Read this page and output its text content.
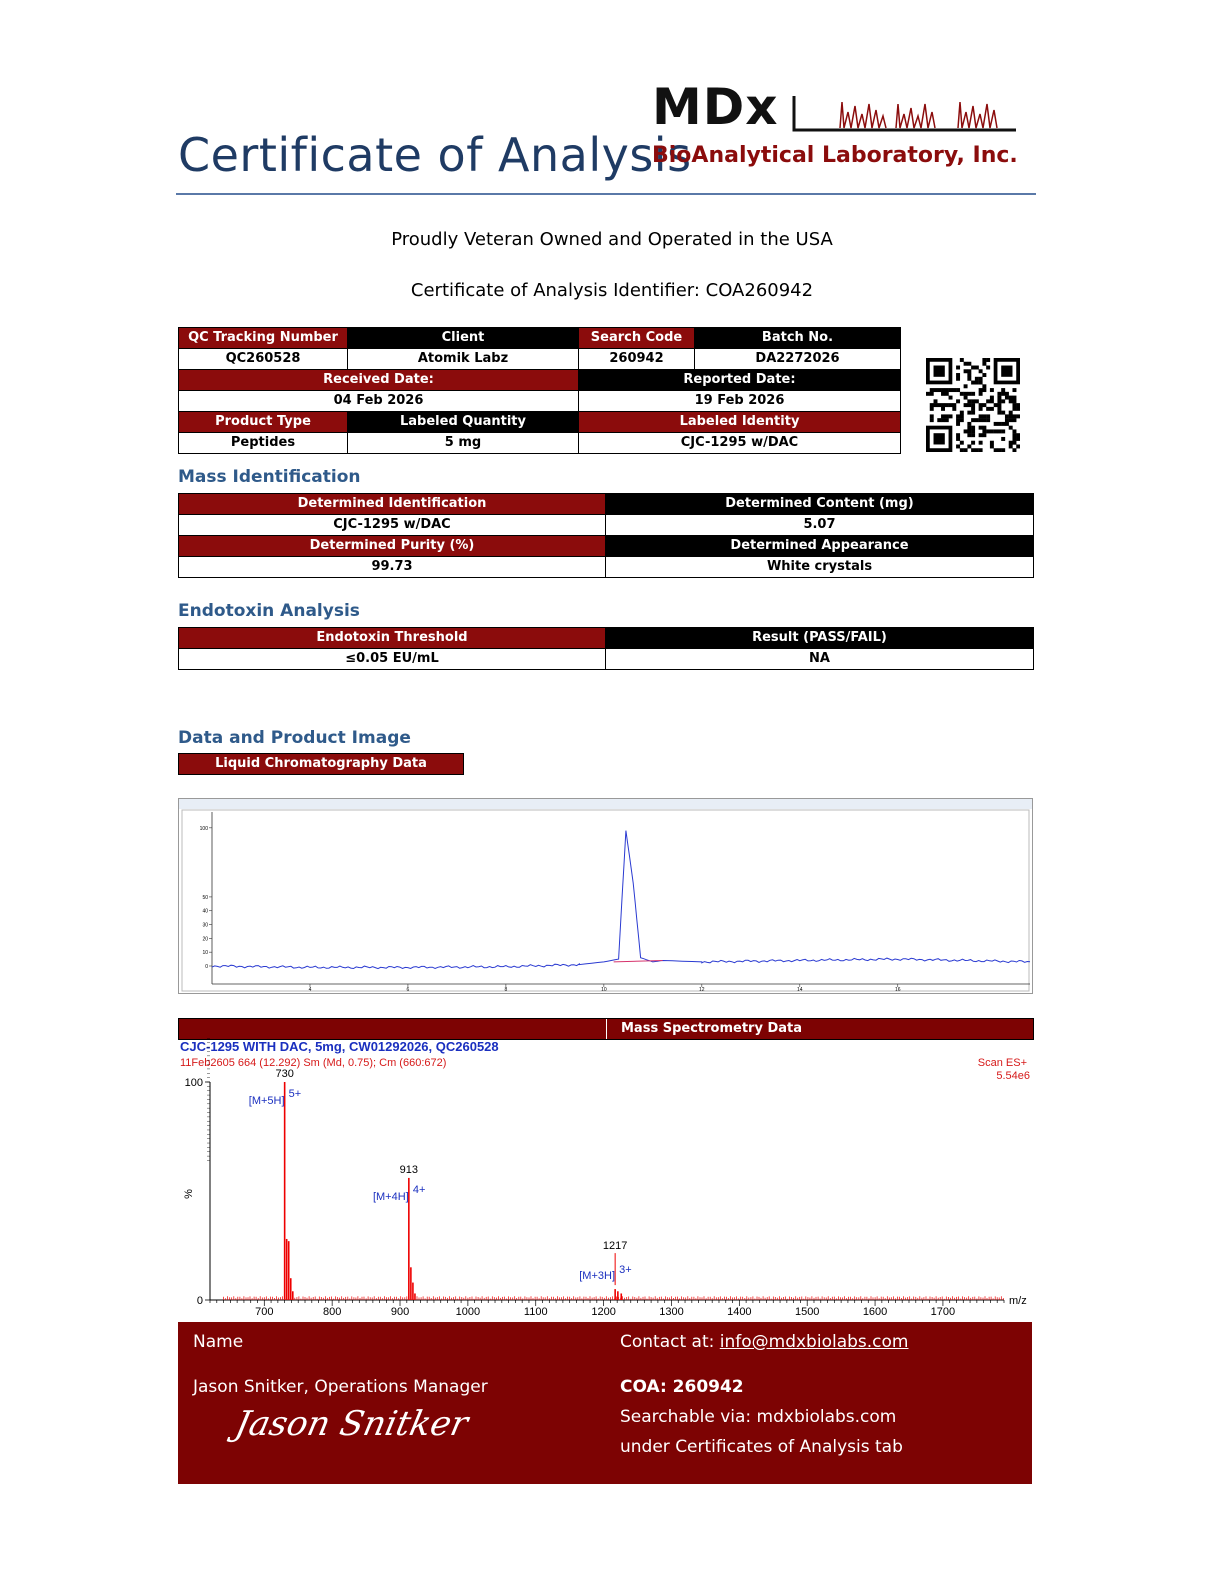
Certificate of Analysis
MDx
BioAnalytical Laboratory, Inc.
Proudly Veteran Owned and Operated in the USA
Certificate of Analysis Identifier: COA260942
QC Tracking Number	Client	Search Code	Batch No.
QC260528	Atomik Labz	260942	DA2272026
Received Date:		Reported Date:	
04 Feb 2026		19 Feb 2026	
Product Type	Labeled Quantity	Labeled Identity	
Peptides	5 mg	CJC-1295 w/DAC	
Mass Identification
Determined Identification	Determined Content (mg)
CJC-1295 w/DAC	5.07
Determined Purity (%)	Determined Appearance
99.73	White crystals
Endotoxin Analysis
Endotoxin Threshold	Result (PASS/FAIL)
≤0.05 EU/mL	NA
Data and Product Image
Liquid Chromatography Data
4	6	8	10	12	14	16
0
10
20
30
40
50
100
Mass Spectrometry Data
CJC-1295 WITH DAC, 5mg, CW01292026, QC260528
11Feb2605 664 (12.292) Sm (Md, 0.75); Cm (660:672)	Scan ES+
5.54e6
%
m/z
700	800	900	1000	1100	1200	1300	1400	1500	1600	1700
0
100
730
[M+5H]
5+
913
[M+4H]
4+
1217
[M+3H] 3+
Name	Contact at: info@mdxbiolabs.com
Jason Snitker, Operations Manager	COA: 260942
Searchable via: mdxbiolabs.com
under Certificates of Analysis tab
Jason Snitker
